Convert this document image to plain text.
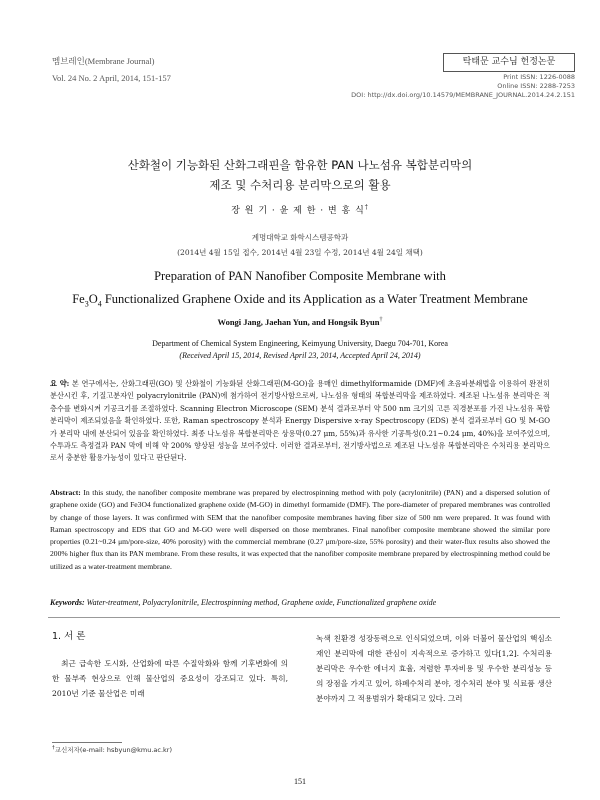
멤브레인(Membrane Journal)
Vol. 24 No. 2 April, 2014, 151-157
탁태문 교수님 헌정논문
Print ISSN: 1226-0088
Online ISSN: 2288-7253
DOI: http://dx.doi.org/10.14579/MEMBRANE_JOURNAL.2014.24.2.151
산화철이 기능화된 산화그래핀을 함유한 PAN 나노섬유 복합분리막의
제조 및 수처리용 분리막으로의 활용
장 원 기 · 윤 제 한 · 변 홍 식†
계명대학교 화학시스템공학과
(2014년 4월 15일 접수, 2014년 4월 23일 수정, 2014년 4월 24일 채택)
Preparation of PAN Nanofiber Composite Membrane with
$Fe_3O_4$ Functionalized Graphene Oxide and its Application as a Water Treatment Membrane
Wongi Jang, Jaehan Yun, and Hongsik Byun†
Department of Chemical System Engineering, Keimyung University, Daegu 704-701, Korea
(Received April 15, 2014, Revised April 23, 2014, Accepted April 24, 2014)

요 약: 본 연구에서는, 산화그래핀(GO) 및 산화철이 기능화된 산화그래핀(M-GO)을 용매인 dimethylformamide (DMF)에 초음파분쇄법을 이용하여 완전히 분산시킨 후, 기질고분자인 polyacrylonitrile (PAN)에 첨가하여 전기방사함으로써, 나노섬유 형태의 복합분리막을 제조하였다. 제조된 나노섬유 분리막은 적층수를 변화시켜 기공크기를 조절하였다. Scanning Electron Microscope (SEM) 분석 결과로부터 약 500 nm 크기의 고른 직경분포를 가진 나노섬유 복합분리막이 제조되었음을 확인하였다. 또한, Raman spectroscopy 분석과 Energy Dispersive x-ray Spectroscopy (EDS) 분석 결과로부터 GO 및 M-GO가 분리막 내에 분산되어 있음을 확인하였다. 최종 나노섬유 복합분리막은 상용막(0.27 μm, 55%)과 유사한 기공특성(0.21~0.24 μm, 40%)을 보여주었으며, 수투과도 측정결과 PAN 막에 비해 약 200% 향상된 성능을 보여주었다. 이러한 결과로부터, 전기방사법으로 제조된 나노섬유 복합분리막은 수처리용 분리막으로서 충분한 활용가능성이 있다고 판단된다.

Abstract: In this study, the nanofiber composite membrane was prepared by electrospinning method with poly (acrylonitrile) (PAN) and a dispersed solution of graphene oxide (GO) and Fe3O4 functionalized graphene oxide (M-GO) in dimethyl formamide (DMF). The pore-diameter of prepared membranes was controlled by change of those layers. It was confirmed with SEM that the nanofiber composite membranes having fiber size of 500 nm were prepared. It was found with Raman spectroscopy and EDS that GO and M-GO were well dispersed on those membranes. Final nanofiber composite membrane showed the similar pore properties (0.21~0.24 μm/pore-size, 40% porosity) with the commercial membrane (0.27 μm/pore-size, 55% porosity) and their water-flux results also showed the 200% higher flux than its PAN membrane. From these results, it was expected that the nanofiber composite membrane prepared by electrospinning method could be utilized as a water-treatment membrane.

Keywords: Water-treatment, Polyacrylonitrile, Electrospinning method, Graphene oxide, Functionalized graphene oxide
1. 서 론

최근 급속한 도시화, 산업화에 따른 수질악화와 함께 기후변화에 의한 물부족 현상으로 인해 물산업의 중요성이 강조되고 있다. 특히, 2010년 기준 물산업은 미래

녹색 친환경 성장동력으로 인식되었으며, 이와 더불어 물산업의 핵심소재인 분리막에 대한 관심이 지속적으로 증가하고 있다[1,2]. 수처리용 분리막은 우수한 에너지 효율, 저렴한 투자비용 및 우수한 분리성능 등의 장점을 가지고 있어, 하폐수처리 분야, 정수처리 분야 및 식료품 생산 분야까지 그 적용범위가 확대되고 있다. 그러

†교신저자(e-mail: hsbyun@kmu.ac.kr)
151
